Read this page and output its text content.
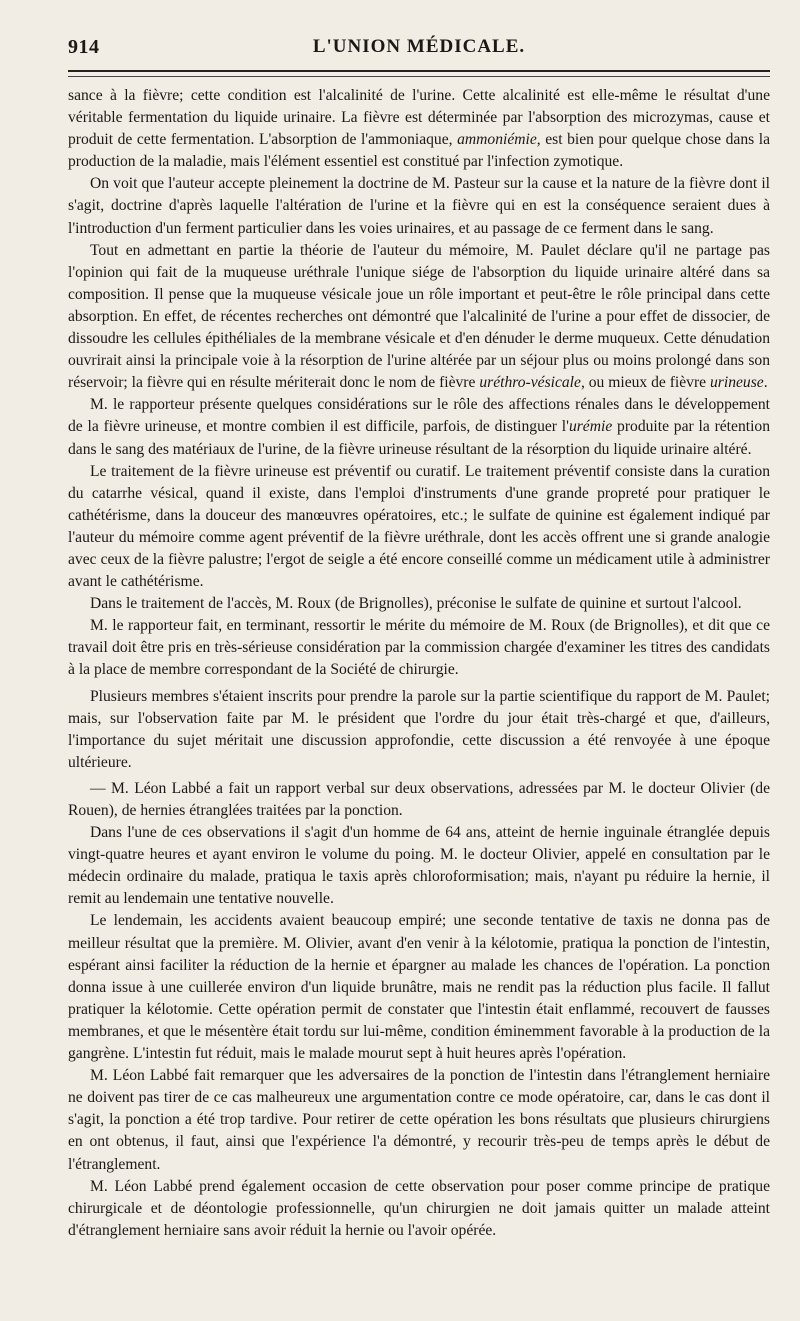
914	L'UNION MÉDICALE.

sance à la fièvre; cette condition est l'alcalinité de l'urine. Cette alcalinité est elle-même le résultat d'une véritable fermentation du liquide urinaire. La fièvre est déterminée par l'absorption des microzymas, cause et produit de cette fermentation. L'absorption de l'ammoniaque, ammoniémie, est bien pour quelque chose dans la production de la maladie, mais l'élément essentiel est constitué par l'infection zymotique.

On voit que l'auteur accepte pleinement la doctrine de M. Pasteur sur la cause et la nature de la fièvre dont il s'agit, doctrine d'après laquelle l'altération de l'urine et la fièvre qui en est la conséquence seraient dues à l'introduction d'un ferment particulier dans les voies urinaires, et au passage de ce ferment dans le sang.

Tout en admettant en partie la théorie de l'auteur du mémoire, M. Paulet déclare qu'il ne partage pas l'opinion qui fait de la muqueuse uréthrale l'unique siége de l'absorption du liquide urinaire altéré dans sa composition. Il pense que la muqueuse vésicale joue un rôle important et peut-être le rôle principal dans cette absorption. En effet, de récentes recherches ont démontré que l'alcalinité de l'urine a pour effet de dissocier, de dissoudre les cellules épithéliales de la membrane vésicale et d'en dénuder le derme muqueux. Cette dénudation ouvrirait ainsi la principale voie à la résorption de l'urine altérée par un séjour plus ou moins prolongé dans son réservoir; la fièvre qui en résulte mériterait donc le nom de fièvre uréthro-vésicale, ou mieux de fièvre urineuse.

M. le rapporteur présente quelques considérations sur le rôle des affections rénales dans le développement de la fièvre urineuse, et montre combien il est difficile, parfois, de distinguer l'urémie produite par la rétention dans le sang des matériaux de l'urine, de la fièvre urineuse résultant de la résorption du liquide urinaire altéré.

Le traitement de la fièvre urineuse est préventif ou curatif. Le traitement préventif consiste dans la curation du catarrhe vésical, quand il existe, dans l'emploi d'instruments d'une grande propreté pour pratiquer le cathétérisme, dans la douceur des manœuvres opératoires, etc.; le sulfate de quinine est également indiqué par l'auteur du mémoire comme agent préventif de la fièvre uréthrale, dont les accès offrent une si grande analogie avec ceux de la fièvre palustre; l'ergot de seigle a été encore conseillé comme un médicament utile à administrer avant le cathétérisme.

Dans le traitement de l'accès, M. Roux (de Brignolles), préconise le sulfate de quinine et surtout l'alcool.

M. le rapporteur fait, en terminant, ressortir le mérite du mémoire de M. Roux (de Brignolles), et dit que ce travail doit être pris en très-sérieuse considération par la commission chargée d'examiner les titres des candidats à la place de membre correspondant de la Société de chirurgie.

Plusieurs membres s'étaient inscrits pour prendre la parole sur la partie scientifique du rapport de M. Paulet; mais, sur l'observation faite par M. le président que l'ordre du jour était très-chargé et que, d'ailleurs, l'importance du sujet méritait une discussion approfondie, cette discussion a été renvoyée à une époque ultérieure.

— M. Léon Labbé a fait un rapport verbal sur deux observations, adressées par M. le docteur Olivier (de Rouen), de hernies étranglées traitées par la ponction.

Dans l'une de ces observations il s'agit d'un homme de 64 ans, atteint de hernie inguinale étranglée depuis vingt-quatre heures et ayant environ le volume du poing. M. le docteur Olivier, appelé en consultation par le médecin ordinaire du malade, pratiqua le taxis après chloroformisation; mais, n'ayant pu réduire la hernie, il remit au lendemain une tentative nouvelle.

Le lendemain, les accidents avaient beaucoup empiré; une seconde tentative de taxis ne donna pas de meilleur résultat que la première. M. Olivier, avant d'en venir à la kélotomie, pratiqua la ponction de l'intestin, espérant ainsi faciliter la réduction de la hernie et épargner au malade les chances de l'opération. La ponction donna issue à une cuillerée environ d'un liquide brunâtre, mais ne rendit pas la réduction plus facile. Il fallut pratiquer la kélotomie. Cette opération permit de constater que l'intestin était enflammé, recouvert de fausses membranes, et que le mésentère était tordu sur lui-même, condition éminemment favorable à la production de la gangrène. L'intestin fut réduit, mais le malade mourut sept à huit heures après l'opération.

M. Léon Labbé fait remarquer que les adversaires de la ponction de l'intestin dans l'étranglement herniaire ne doivent pas tirer de ce cas malheureux une argumentation contre ce mode opératoire, car, dans le cas dont il s'agit, la ponction a été trop tardive. Pour retirer de cette opération les bons résultats que plusieurs chirurgiens en ont obtenus, il faut, ainsi que l'expérience l'a démontré, y recourir très-peu de temps après le début de l'étranglement.

M. Léon Labbé prend également occasion de cette observation pour poser comme principe de pratique chirurgicale et de déontologie professionnelle, qu'un chirurgien ne doit jamais quitter un malade atteint d'étranglement herniaire sans avoir réduit la hernie ou l'avoir opérée.
